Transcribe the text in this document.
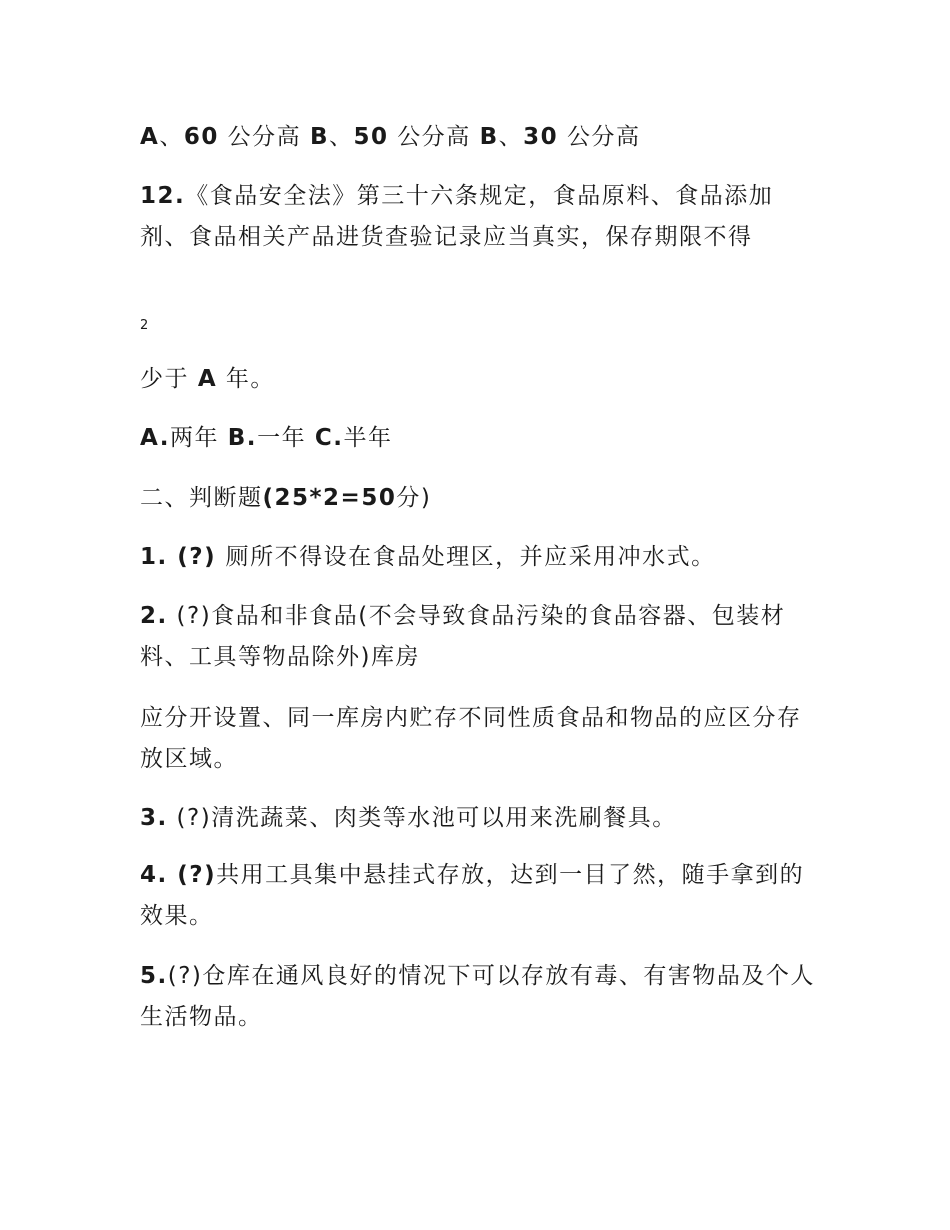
A、60 公分高 B、50 公分高 B、30 公分高

12.《食品安全法》第三十六条规定，食品原料、食品添加剂、食品相关产品进货查验记录应当真实，保存期限不得

2

少于 A 年。

A.两年 B.一年 C.半年

二、判断题(25*2=50分)

1. (?) 厕所不得设在食品处理区，并应采用冲水式。

2. (?)食品和非食品(不会导致食品污染的食品容器、包装材料、工具等物品除外)库房

应分开设置、同一库房内贮存不同性质食品和物品的应区分存放区域。

3. (?)清洗蔬菜、肉类等水池可以用来洗刷餐具。

4. (?)共用工具集中悬挂式存放，达到一目了然，随手拿到的效果。

5.(?)仓库在通风良好的情况下可以存放有毒、有害物品及个人生活物品。
